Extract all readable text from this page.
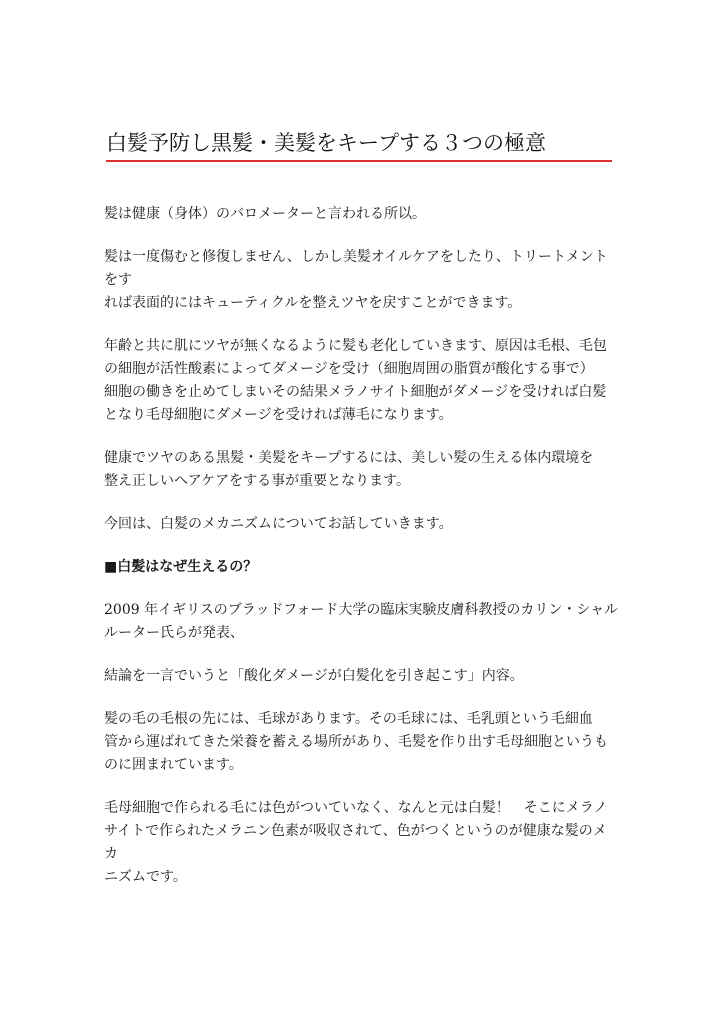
白髪予防し黒髪・美髪をキープする３つの極意

髪は健康（身体）のバロメーターと言われる所以。

髪は一度傷むと修復しません、しかし美髪オイルケアをしたり、トリートメントをす
れば表面的にはキューティクルを整えツヤを戻すことができます。

年齢と共に肌にツヤが無くなるように髪も老化していきます、原因は毛根、毛包
の細胞が活性酸素によってダメージを受け（細胞周囲の脂質が酸化する事で）
細胞の働きを止めてしまいその結果メラノサイト細胞がダメージを受ければ白髪
となり毛母細胞にダメージを受ければ薄毛になります。

健康でツヤのある黒髪・美髪をキープするには、美しい髪の生える体内環境を
整え正しいヘアケアをする事が重要となります。

今回は、白髪のメカニズムについてお話していきます。

■白髪はなぜ生えるの？

2009 年イギリスのブラッドフォード大学の臨床実験皮膚科教授のカリン・シャル
ルーター氏らが発表、

結論を一言でいうと「酸化ダメージが白髪化を引き起こす」内容。

髪の毛の毛根の先には、毛球があります。その毛球には、毛乳頭という毛細血
管から運ばれてきた栄養を蓄える場所があり、毛髪を作り出す毛母細胞というも
のに囲まれています。

毛母細胞で作られる毛には色がついていなく、なんと元は白髪！　そこにメラノ
サイトで作られたメラニン色素が吸収されて、色がつくというのが健康な髪のメカ
ニズムです。
